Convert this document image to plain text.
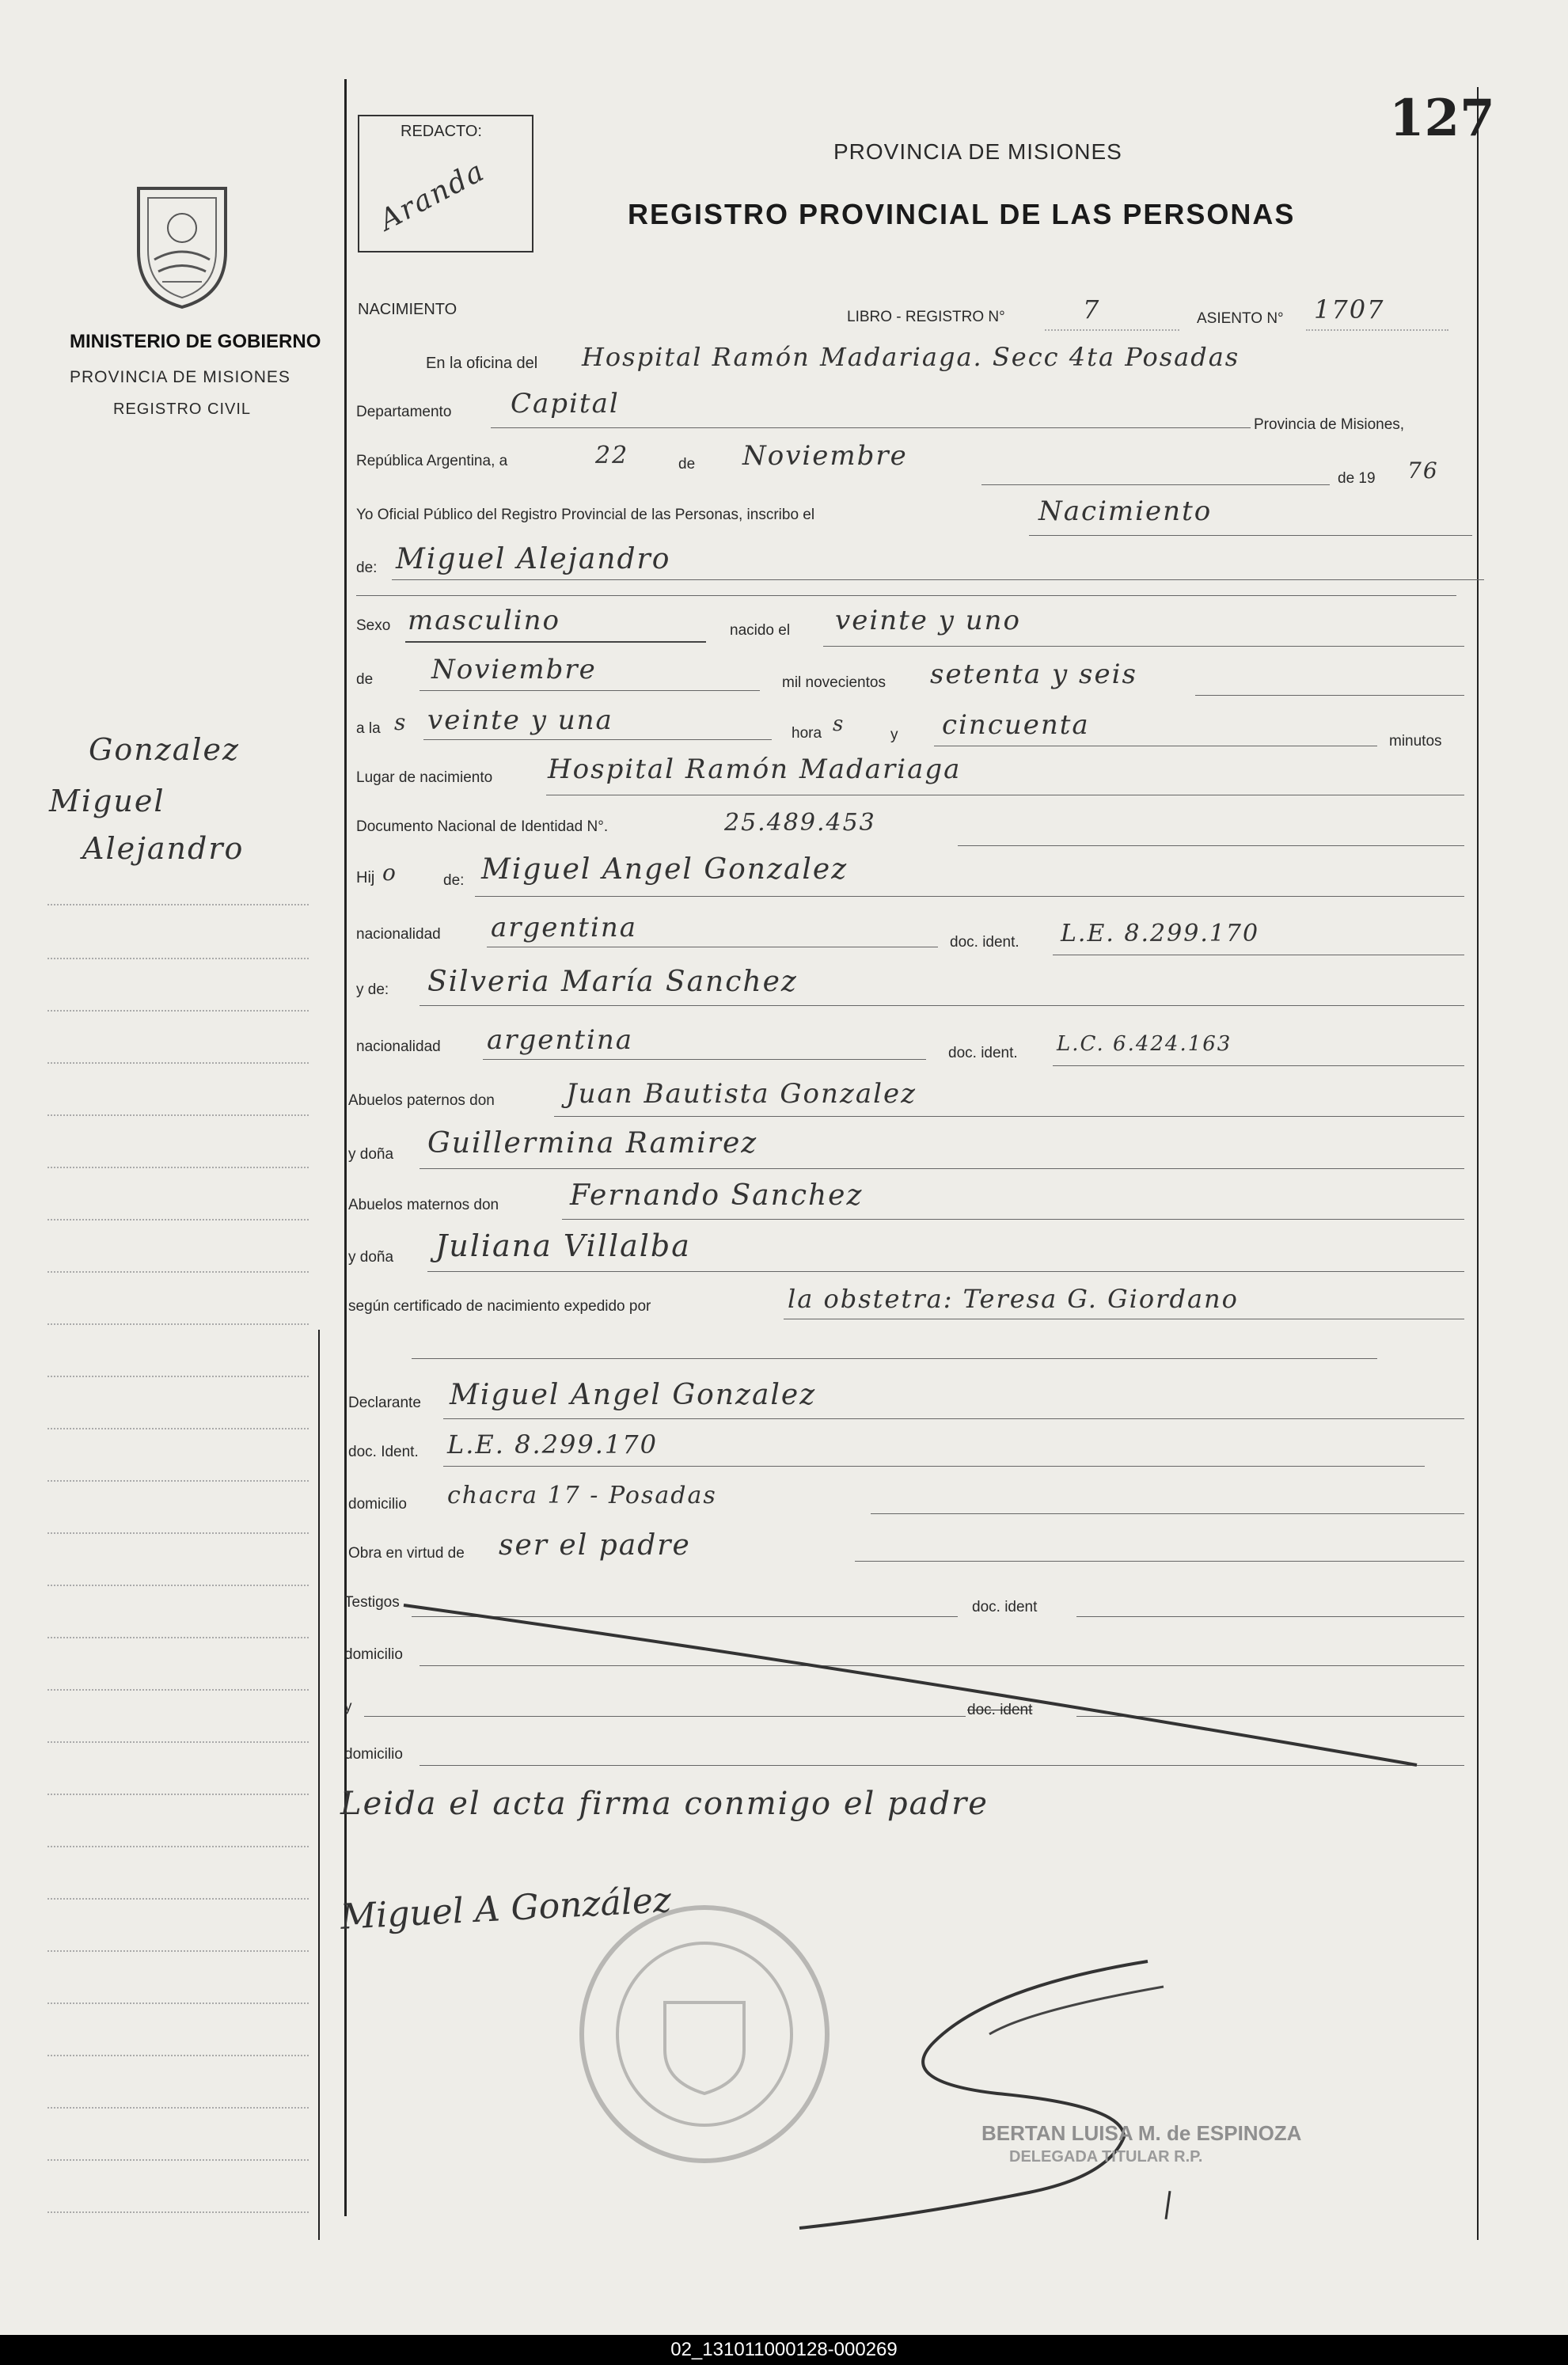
127
MINISTERIO DE GOBIERNO
PROVINCIA DE MISIONES
REGISTRO CIVIL
Gonzalez
Miguel
Alejandro
REDACTO:
Aranda
PROVINCIA DE MISIONES
REGISTRO PROVINCIAL DE LAS PERSONAS
NACIMIENTO	LIBRO - REGISTRO N°	7	ASIENTO N° 1707
En la oficina del Hospital Ramón Madariaga. Secc 4ta Posadas
Departamento Capital
Provincia de Misiones,
República Argentina, a	22	de Noviembre
de 19 76
Yo Oficial Público del Registro Provincial de las Personas, inscribo el	Nacimiento
de: Miguel Alejandro
Sexo masculino	nacido el veinte y uno
de Noviembre	mil novecientos setenta y seis
a la s veinte y una	hora s	y cincuenta
minutos
Lugar de nacimiento Hospital Ramón Madariaga
Documento Nacional de Identidad N°.	25.489.453
Hij o	de: Miguel Angel Gonzalez
nacionalidad argentina	doc. ident. L.E. 8.299.170
y de: Silveria María Sanchez
nacionalidad argentina	doc. ident. L.C. 6.424.163
Abuelos paternos don	Juan Bautista Gonzalez
y doña Guillermina Ramirez
Abuelos maternos don Fernando Sanchez
y doña Juliana Villalba
según certificado de nacimiento expedido por	la obstetra: Teresa G. Giordano
Declarante Miguel Angel Gonzalez
doc. Ident. L.E. 8.299.170
domicilio chacra 17 - Posadas
Obra en virtud de ser el padre
Testigos	doc. ident
domicilio
y	doc. ident
domicilio
Leida el acta firma conmigo el padre
Miguel A González
BERTAN LUISA M. de ESPINOZA
DELEGADA TITULAR R.P.
02_131011000128-000269
